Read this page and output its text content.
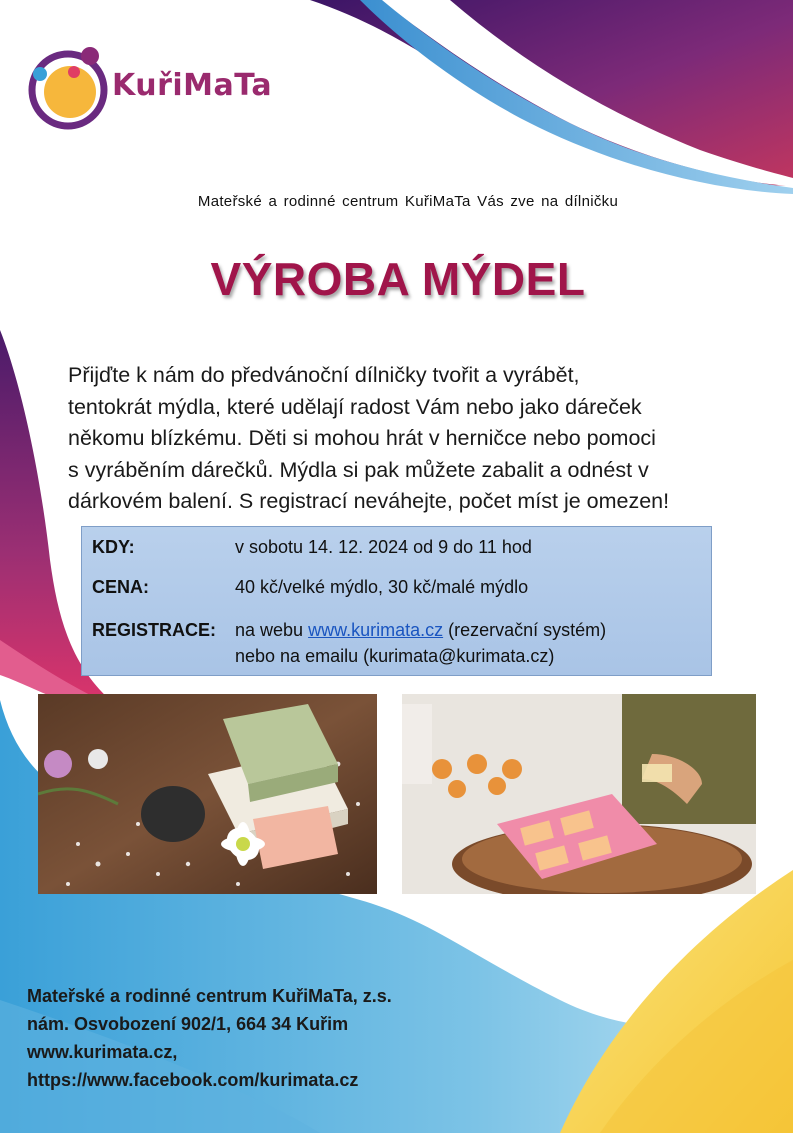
KuřiMaTa
Mateřské a rodinné centrum KuřiMaTa Vás zve na dílničku
VÝROBA MÝDEL
Přijďte k nám do předvánoční dílničky tvořit a vyrábět,
tentokrát mýdla, které udělají radost Vám nebo jako dáreček
někomu blízkému. Děti si mohou hrát v herničce nebo pomoci
s vyráběním dárečků. Mýdla si pak můžete zabalit a odnést v
dárkovém balení. S registrací neváhejte, počet míst je omezen!
KDY:	v sobotu 14. 12. 2024 od 9 do 11 hod
CENA:	40 kč/velké mýdlo, 30 kč/malé mýdlo
REGISTRACE: na webu www.kurimata.cz (rezervační systém)
nebo na emailu (kurimata@kurimata.cz)
Mateřské a rodinné centrum KuřiMaTa, z.s.
nám. Osvobození 902/1, 664 34 Kuřim
www.kurimata.cz,
https://www.facebook.com/kurimata.cz
